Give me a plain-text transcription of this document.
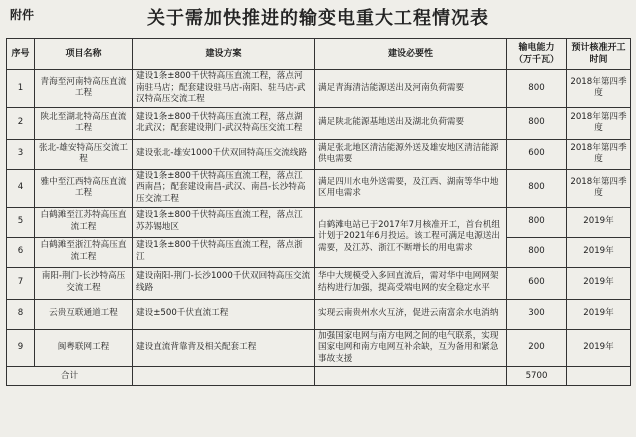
附件	关于需加快推进的输变电重大工程情况表
序号	项目名称	建设方案	建设必要性	输电能力（万千瓦）	预计核准开工时间
1	青海至河南特高压直流工程	建设1条±800千伏特高压直流工程，落点河南驻马店；配套建设驻马店-南阳、驻马店-武汉特高压交流工程	满足青海清洁能源送出及河南负荷需要	800	2018年第四季度
2	陕北至湖北特高压直流工程	建设1条±800千伏特高压直流工程，落点湖北武汉；配套建设荆门-武汉特高压交流工程	满足陕北能源基地送出及湖北负荷需要	800	2018年第四季度
3	张北-雄安特高压交流工程	建设张北-雄安1000千伏双回特高压交流线路	满足张北地区清洁能源外送及雄安地区清洁能源供电需要	600	2018年第四季度
4	雅中至江西特高压直流工程	建设1条±800千伏特高压直流工程，落点江西南昌；配套建设南昌-武汉、南昌-长沙特高压交流工程	满足四川水电外送需要，及江西、湖南等华中地区用电需求	800	2018年第四季度
5	白鹤滩至江苏特高压直流工程	建设1条±800千伏特高压直流工程，落点江苏苏锡地区	白鹤滩电站已于2017年7月核准开工，首台机组计划于2021年6月投运。该工程可满足电源送出需要，及江苏、浙江不断增长的用电需求	800	2019年
6	白鹤滩至浙江特高压直流工程	建设1条±800千伏特高压直流工程，落点浙江		800	2019年
7	南阳-荆门-长沙特高压交流工程	建设南阳-荆门-长沙1000千伏双回特高压交流线路	华中大规模受入多回直流后，需对华中电网网架结构进行加强，提高受端电网的安全稳定水平	600	2019年
8	云贵互联通道工程	建设±500千伏直流工程	实现云南贵州水火互济，促进云南富余水电消纳	300	2019年
9	闽粤联网工程	建设直流背靠背及相关配套工程	加强国家电网与南方电网之间的电气联系，实现国家电网和南方电网互补余缺，互为备用和紧急事故支援	200	2019年
合计				5700	
